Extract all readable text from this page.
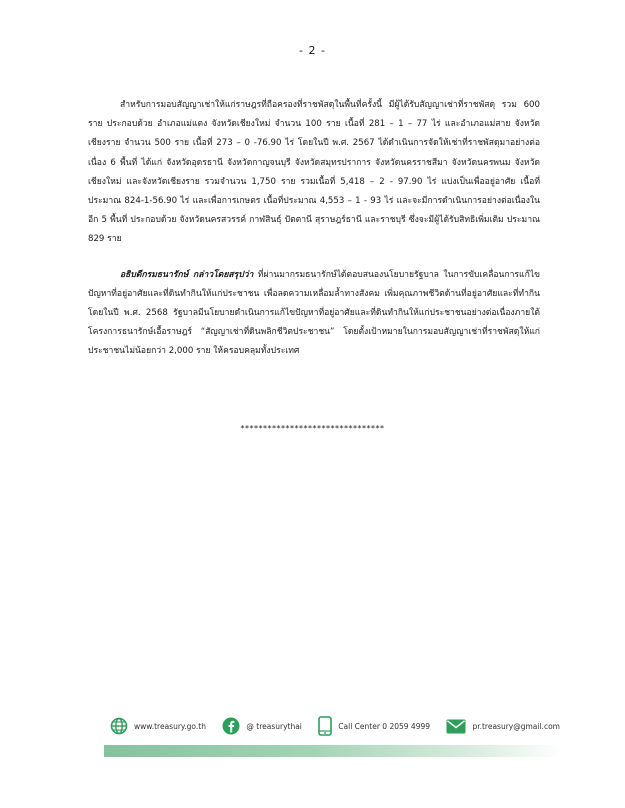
- 2 -

สำหรับการมอบสัญญาเช่าให้แก่ราษฎรที่ถือครองที่ราชพัสดุในพื้นที่ครั้งนี้ มีผู้ได้รับสัญญาเช่าที่ราชพัสดุ รวม 600 ราย ประกอบด้วย อำเภอแม่แตง จังหวัดเชียงใหม่ จำนวน 100 ราย เนื้อที่ 281 – 1 – 77 ไร่ และอำเภอแม่สาย จังหวัดเชียงราย จำนวน 500 ราย เนื้อที่ 273 – 0 -76.90 ไร่ โดยในปี พ.ศ. 2567 ได้ดำเนินการจัดให้เช่าที่ราชพัสดุมาอย่างต่อเนื่อง 6 พื้นที่ ได้แก่ จังหวัดอุดรธานี จังหวัดกาญจนบุรี จังหวัดสมุทรปราการ จังหวัดนครราชสีมา จังหวัดนครพนม จังหวัดเชียงใหม่ และจังหวัดเชียงราย รวมจำนวน 1,750 ราย รวมเนื้อที่ 5,418 – 2 - 97.90 ไร่ แบ่งเป็นเพื่ออยู่อาศัย เนื้อที่ประมาณ 824-1-56.90 ไร่ และเพื่อการเกษตร เนื้อที่ประมาณ 4,553 – 1 - 93 ไร่ และจะมีการดำเนินการอย่างต่อเนื่องในอีก 5 พื้นที่ ประกอบด้วย จังหวัดนครสวรรค์ กาฬสินธุ์ ปัตตานี สุราษฎร์ธานี และราชบุรี ซึ่งจะมีผู้ได้รับสิทธิเพิ่มเติม ประมาณ 829 ราย

อธิบดีกรมธนารักษ์ กล่าวโดยสรุปว่า ที่ผ่านมากรมธนารักษ์ได้ตอบสนองนโยบายรัฐบาล ในการขับเคลื่อนการแก้ไขปัญหาที่อยู่อาศัยและที่ดินทำกินให้แก่ประชาชน เพื่อลดความเหลื่อมล้ำทางสังคม เพิ่มคุณภาพชีวิตด้านที่อยู่อาศัยและที่ทำกิน โดยในปี พ.ศ. 2568 รัฐบาลมีนโยบายดำเนินการแก้ไขปัญหาที่อยู่อาศัยและที่ดินทำกินให้แก่ประชาชนอย่างต่อเนื่องภายใต้โครงการธนารักษ์เอื้อราษฎร์ “สัญญาเช่าที่ดินพลิกชีวิตประชาชน” โดยตั้งเป้าหมายในการมอบสัญญาเช่าที่ราชพัสดุให้แก่ประชาชนไม่น้อยกว่า 2,000 ราย ให้ครอบคลุมทั้งประเทศ

********************************
www.treasury.go.th	@ treasurythai	Call Center 0 2059 4999	pr.treasury@gmail.com
